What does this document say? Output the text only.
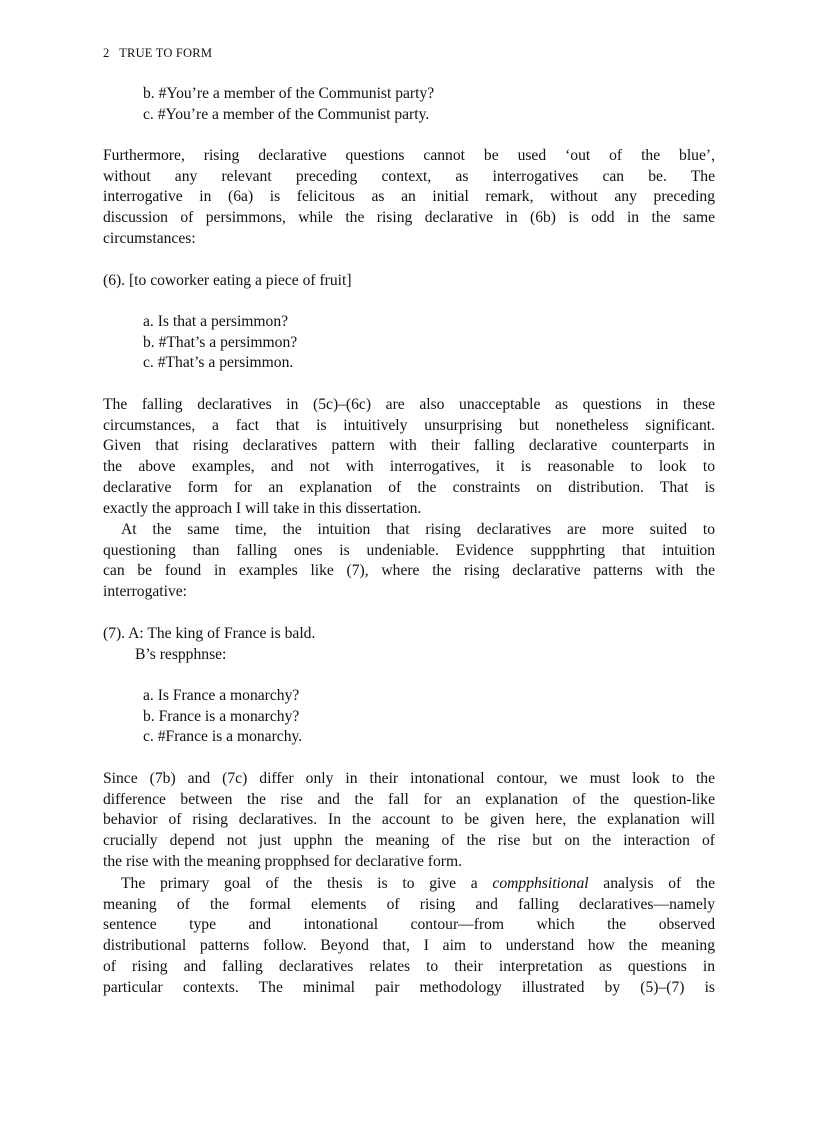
2 TRUE TO FORM
b. #You’re a member of the Communist party?
c. #You’re a member of the Communist party.
Furthermore, rising declarative questions cannot be used ‘out of the blue’,
without any relevant preceding context, as interrogatives can be. The
interrogative in (6a) is felicitous as an initial remark, without any preceding
discussion of persimmons, while the rising declarative in (6b) is odd in the same
circumstances:
(6). [to coworker eating a piece of fruit]
a. Is that a persimmon?
b. #That’s a persimmon?
c. #That’s a persimmon.
The falling declaratives in (5c)–(6c) are also unacceptable as questions in these
circumstances, a fact that is intuitively unsurprising but nonetheless significant.
Given that rising declaratives pattern with their falling declarative counterparts in
the above examples, and not with interrogatives, it is reasonable to look to
declarative form for an explanation of the constraints on distribution. That is
exactly the approach I will take in this dissertation.
At the same time, the intuition that rising declaratives are more suited to
questioning than falling ones is undeniable. Evidence suppphrting that intuition
can be found in examples like (7), where the rising declarative patterns with the
interrogative:
(7). A: The king of France is bald.
B’s respphnse:
a. Is France a monarchy?
b. France is a monarchy?
c. #France is a monarchy.
Since (7b) and (7c) differ only in their intonational contour, we must look to the
difference between the rise and the fall for an explanation of the question-like
behavior of rising declaratives. In the account to be given here, the explanation will
crucially depend not just upphn the meaning of the rise but on the interaction of
the rise with the meaning propphsed for declarative form.
The primary goal of the thesis is to give a compphsitional analysis of the
meaning of the formal elements of rising and falling declaratives—namely
sentence type and intonational contour—from which the observed
distributional patterns follow. Beyond that, I aim to understand how the meaning
of rising and falling declaratives relates to their interpretation as questions in
particular contexts. The minimal pair methodology illustrated by (5)–(7) is
